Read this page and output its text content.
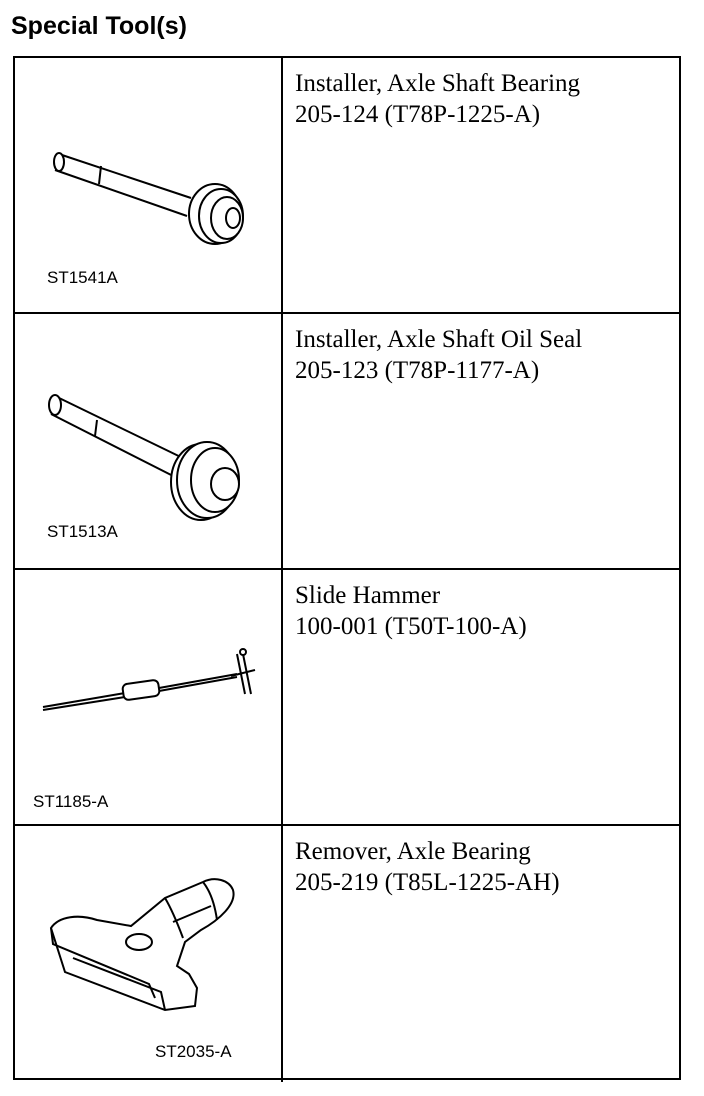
Special Tool(s)
ST1541A
Installer, Axle Shaft Bearing
205-124 (T78P-1225-A)
ST1513A
Installer, Axle Shaft Oil Seal
205-123 (T78P-1177-A)
ST1185-A
Slide Hammer
100-001 (T50T-100-A)
ST2035-A
Remover, Axle Bearing
205-219 (T85L-1225-AH)
